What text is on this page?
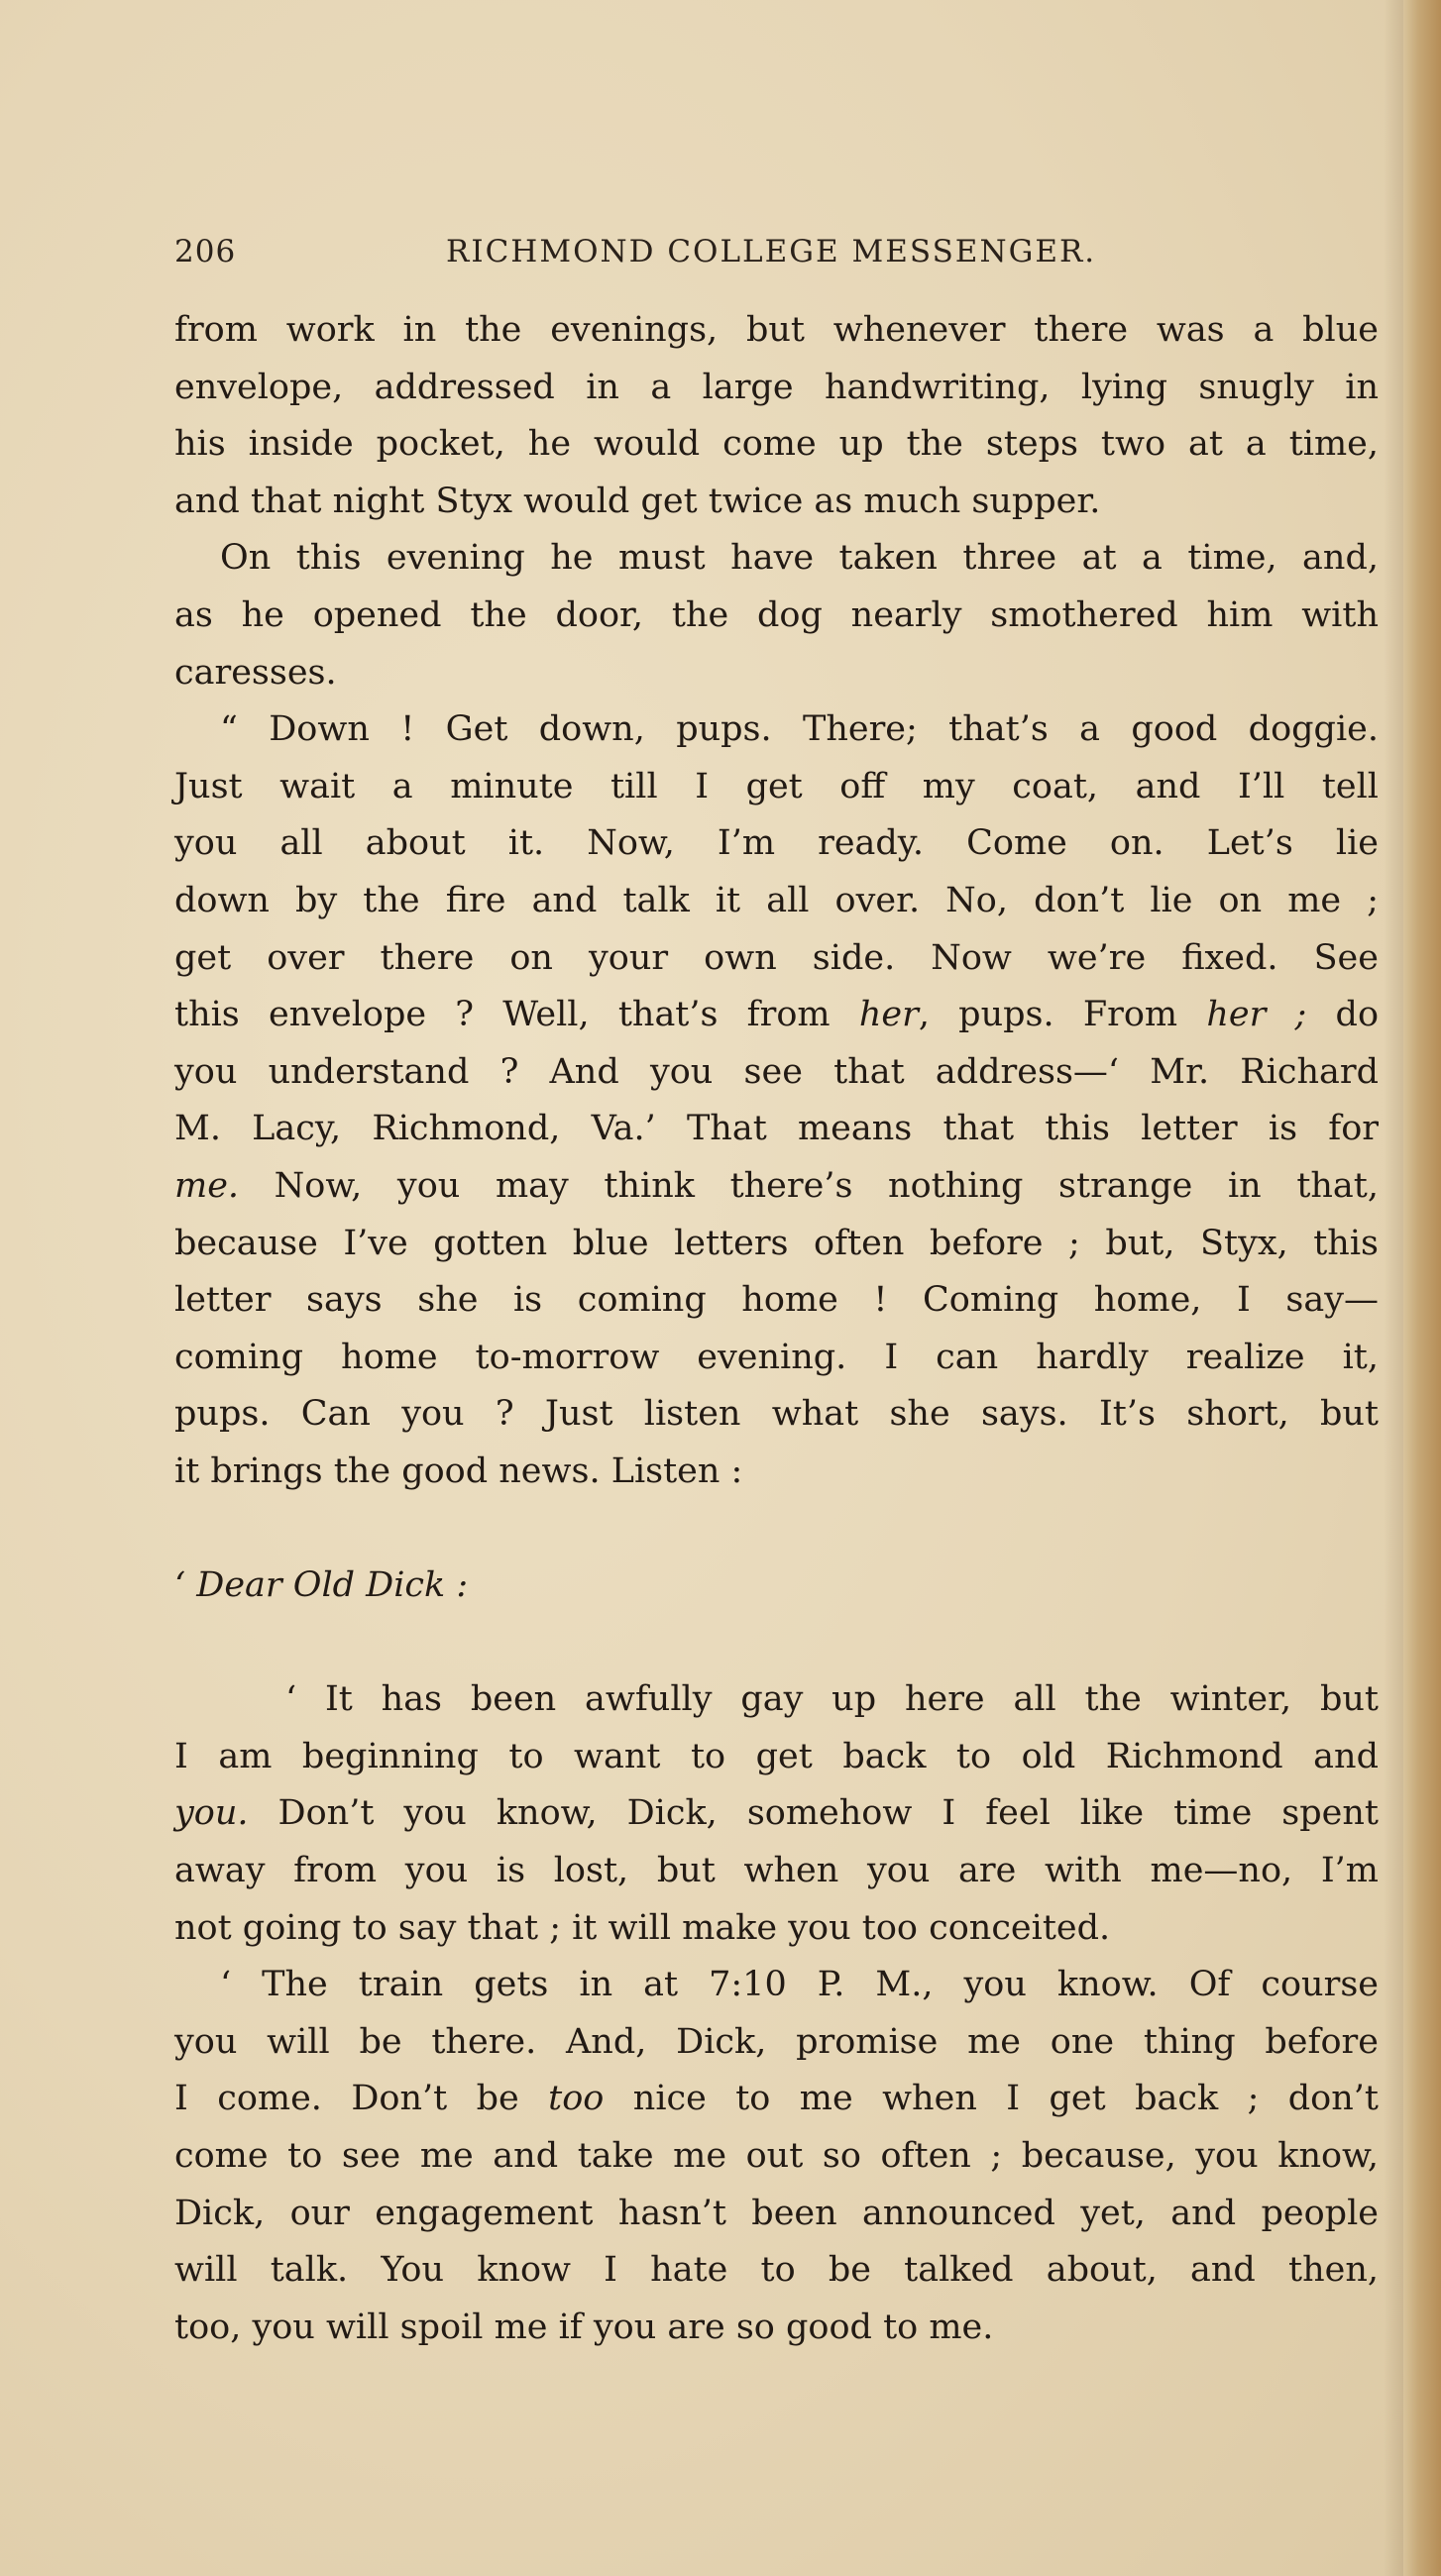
206	RICHMOND COLLEGE MESSENGER.
from work in the evenings, but whenever there was a blue
envelope, addressed in a large handwriting, lying snugly in
his inside pocket, he would come up the steps two at a time,
and that night Styx would get twice as much supper.
On this evening he must have taken three at a time, and,
as he opened the door, the dog nearly smothered him with
caresses.
“ Down ! Get down, pups. There; that’s a good doggie.
Just wait a minute till I get off my coat, and I’ll tell
you all about it. Now, I’m ready. Come on. Let’s lie
down by the fire and talk it all over. No, don’t lie on me ;
get over there on your own side. Now we’re fixed. See
this envelope ? Well, that’s from her, pups. From her ; do
you understand ? And you see that address—‘ Mr. Richard
M. Lacy, Richmond, Va.’ That means that this letter is for
me. Now, you may think there’s nothing strange in that,
because I’ve gotten blue letters often before ; but, Styx, this
letter says she is coming home ! Coming home, I say—
coming home to-morrow evening. I can hardly realize it,
pups. Can you ? Just listen what she says. It’s short, but
it brings the good news. Listen :
‘ Dear Old Dick :
‘ It has been awfully gay up here all the winter, but
I am beginning to want to get back to old Richmond and
you. Don’t you know, Dick, somehow I feel like time spent
away from you is lost, but when you are with me—no, I’m
not going to say that ; it will make you too conceited.
‘ The train gets in at 7:10 P. M., you know. Of course
you will be there. And, Dick, promise me one thing before
I come. Don’t be too nice to me when I get back ; don’t
come to see me and take me out so often ; because, you know,
Dick, our engagement hasn’t been announced yet, and people
will talk. You know I hate to be talked about, and then,
too, you will spoil me if you are so good to me.
